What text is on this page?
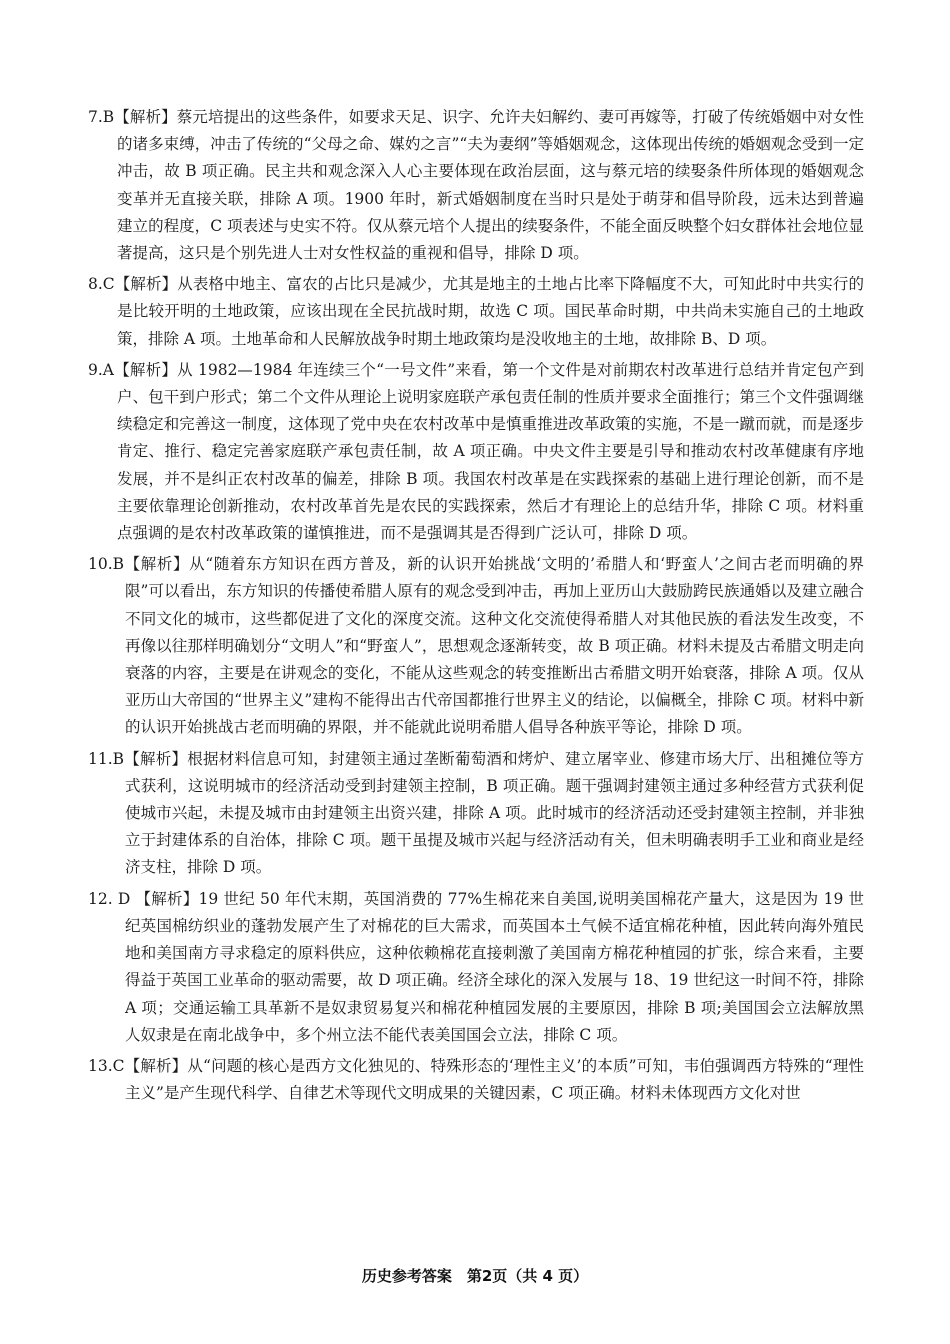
7.B【解析】蔡元培提出的这些条件，如要求天足、识字、允许夫妇解约、妻可再嫁等，打破了传统婚姻中对女性的诸多束缚，冲击了传统的“父母之命、媒妁之言”“夫为妻纲”等婚姻观念，这体现出传统的婚姻观念受到一定冲击，故 B 项正确。民主共和观念深入人心主要体现在政治层面，这与蔡元培的续娶条件所体现的婚姻观念变革并无直接关联，排除 A 项。1900 年时，新式婚姻制度在当时只是处于萌芽和倡导阶段，远未达到普遍建立的程度，C 项表述与史实不符。仅从蔡元培个人提出的续娶条件，不能全面反映整个妇女群体社会地位显著提高，这只是个别先进人士对女性权益的重视和倡导，排除 D 项。

8.C【解析】从表格中地主、富农的占比只是减少，尤其是地主的土地占比率下降幅度不大，可知此时中共实行的是比较开明的土地政策，应该出现在全民抗战时期，故选 C 项。国民革命时期，中共尚未实施自己的土地政策，排除 A 项。土地革命和人民解放战争时期土地政策均是没收地主的土地，故排除 B、D 项。

9.A【解析】从 1982—1984 年连续三个“一号文件”来看，第一个文件是对前期农村改革进行总结并肯定包产到户、包干到户形式；第二个文件从理论上说明家庭联产承包责任制的性质并要求全面推行；第三个文件强调继续稳定和完善这一制度，这体现了党中央在农村改革中是慎重推进改革政策的实施，不是一蹴而就，而是逐步肯定、推行、稳定完善家庭联产承包责任制，故 A 项正确。中央文件主要是引导和推动农村改革健康有序地发展，并不是纠正农村改革的偏差，排除 B 项。我国农村改革是在实践探索的基础上进行理论创新，而不是主要依靠理论创新推动，农村改革首先是农民的实践探索，然后才有理论上的总结升华，排除 C 项。材料重点强调的是农村改革政策的谨慎推进，而不是强调其是否得到广泛认可，排除 D 项。

10.B【解析】从“随着东方知识在西方普及，新的认识开始挑战‘文明的’希腊人和‘野蛮人’之间古老而明确的界限”可以看出，东方知识的传播使希腊人原有的观念受到冲击，再加上亚历山大鼓励跨民族通婚以及建立融合不同文化的城市，这些都促进了文化的深度交流。这种文化交流使得希腊人对其他民族的看法发生改变，不再像以往那样明确划分“文明人”和“野蛮人”，思想观念逐渐转变，故 B 项正确。材料未提及古希腊文明走向衰落的内容，主要是在讲观念的变化，不能从这些观念的转变推断出古希腊文明开始衰落，排除 A 项。仅从亚历山大帝国的“世界主义”建构不能得出古代帝国都推行世界主义的结论，以偏概全，排除 C 项。材料中新的认识开始挑战古老而明确的界限，并不能就此说明希腊人倡导各种族平等论，排除 D 项。

11.B【解析】根据材料信息可知，封建领主通过垄断葡萄酒和烤炉、建立屠宰业、修建市场大厅、出租摊位等方式获利，这说明城市的经济活动受到封建领主控制，B 项正确。题干强调封建领主通过多种经营方式获利促使城市兴起，未提及城市由封建领主出资兴建，排除 A 项。此时城市的经济活动还受封建领主控制，并非独立于封建体系的自治体，排除 C 项。题干虽提及城市兴起与经济活动有关，但未明确表明手工业和商业是经济支柱，排除 D 项。

12. D 【解析】19 世纪 50 年代末期，英国消费的 77%生棉花来自美国,说明美国棉花产量大，这是因为 19 世纪英国棉纺织业的蓬勃发展产生了对棉花的巨大需求，而英国本土气候不适宜棉花种植，因此转向海外殖民地和美国南方寻求稳定的原料供应，这种依赖棉花直接刺激了美国南方棉花种植园的扩张，综合来看，主要得益于英国工业革命的驱动需要，故 D 项正确。经济全球化的深入发展与 18、19 世纪这一时间不符，排除 A 项；交通运输工具革新不是奴隶贸易复兴和棉花种植园发展的主要原因，排除 B 项;美国国会立法解放黑人奴隶是在南北战争中，多个州立法不能代表美国国会立法，排除 C 项。

13.C【解析】从“问题的核心是西方文化独见的、特殊形态的‘理性主义’的本质”可知，韦伯强调西方特殊的“理性主义”是产生现代科学、自律艺术等现代文明成果的关键因素，C 项正确。材料未体现西方文化对世

历史参考答案　第2页（共 4 页）
